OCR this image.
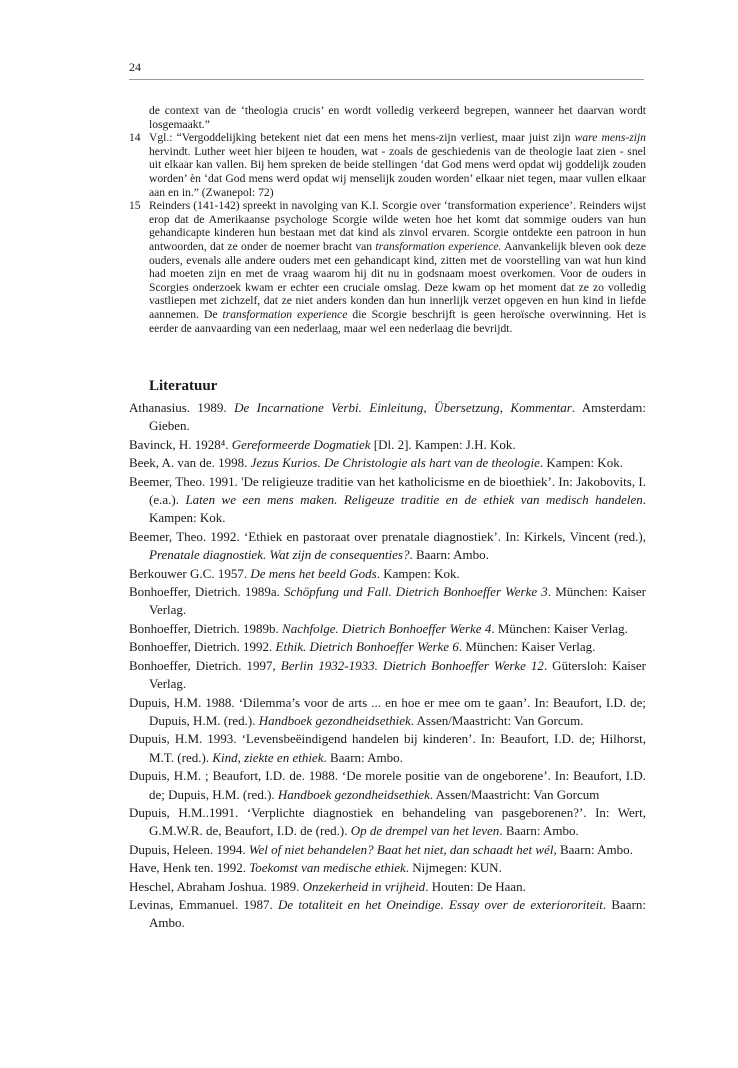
24
de context van de ‘theologia crucis’ en wordt volledig verkeerd begrepen, wanneer het daarvan wordt losgemaakt.”
14 Vgl.: “Vergoddelijking betekent niet dat een mens het mens-zijn verliest, maar juist zijn ware mens-zijn hervindt. Luther weet hier bijeen te houden, wat - zoals de geschiedenis van de theologie laat zien - snel uit elkaar kan vallen. Bij hem spreken de beide stellingen ‘dat God mens werd opdat wij goddelijk zouden worden’ èn ‘dat God mens werd opdat wij menselijk zouden worden’ elkaar niet tegen, maar vullen elkaar aan en in.” (Zwanepol: 72)
15 Reinders (141-142) spreekt in navolging van K.I. Scorgie over ‘transformation experience’. Reinders wijst erop dat de Amerikaanse psychologe Scorgie wilde weten hoe het komt dat sommige ouders van hun gehandicapte kinderen hun bestaan met dat kind als zinvol ervaren. Scorgie ontdekte een patroon in hun antwoorden, dat ze onder de noemer bracht van transformation experience. Aanvankelijk bleven ook deze ouders, evenals alle andere ouders met een gehandicapt kind, zitten met de voorstelling van wat hun kind had moeten zijn en met de vraag waarom hij dit nu in godsnaam moest overkomen. Voor de ouders in Scorgies onderzoek kwam er echter een cruciale omslag. Deze kwam op het moment dat ze zo volledig vastliepen met zichzelf, dat ze niet anders konden dan hun innerlijk verzet opgeven en hun kind in liefde aannemen. De transformation experience die Scorgie beschrijft is geen heroïsche overwinning. Het is eerder de aanvaarding van een nederlaag, maar wel een nederlaag die bevrijdt.
Literatuur
Athanasius. 1989. De Incarnatione Verbi. Einleitung, Übersetzung, Kommentar. Amsterdam: Gieben.
Bavinck, H. 1928⁴. Gereformeerde Dogmatiek [Dl. 2]. Kampen: J.H. Kok.
Beek, A. van de. 1998. Jezus Kurios. De Christologie als hart van de theologie. Kampen: Kok.
Beemer, Theo. 1991. 'De religieuze traditie van het katholicisme en de bioethiek’. In: Jakobovits, I. (e.a.). Laten we een mens maken. Religeuze traditie en de ethiek van medisch handelen. Kampen: Kok.
Beemer, Theo. 1992. ‘Ethiek en pastoraat over prenatale diagnostiek’. In: Kirkels, Vincent (red.), Prenatale diagnostiek. Wat zijn de consequenties?. Baarn: Ambo.
Berkouwer G.C. 1957. De mens het beeld Gods. Kampen: Kok.
Bonhoeffer, Dietrich. 1989a. Schöpfung und Fall. Dietrich Bonhoeffer Werke 3. München: Kaiser Verlag.
Bonhoeffer, Dietrich. 1989b. Nachfolge. Dietrich Bonhoeffer Werke 4. München: Kaiser Verlag.
Bonhoeffer, Dietrich. 1992. Ethik. Dietrich Bonhoeffer Werke 6. München: Kaiser Verlag.
Bonhoeffer, Dietrich. 1997, Berlin 1932-1933. Dietrich Bonhoeffer Werke 12. Gütersloh: Kaiser Verlag.
Dupuis, H.M. 1988. ‘Dilemma’s voor de arts ... en hoe er mee om te gaan’. In: Beaufort, I.D. de; Dupuis, H.M. (red.). Handboek gezondheidsethiek. Assen/Maastricht: Van Gorcum.
Dupuis, H.M. 1993. ‘Levensbeëindigend handelen bij kinderen’. In: Beaufort, I.D. de; Hilhorst, M.T. (red.). Kind, ziekte en ethiek. Baarn: Ambo.
Dupuis, H.M. ; Beaufort, I.D. de. 1988. ‘De morele positie van de ongeborene’. In: Beaufort, I.D. de; Dupuis, H.M. (red.). Handboek gezondheidsethiek. Assen/Maastricht: Van Gorcum
Dupuis, H.M..1991. ‘Verplichte diagnostiek en behandeling van pasgeborenen?’. In: Wert, G.M.W.R. de, Beaufort, I.D. de (red.). Op de drempel van het leven. Baarn: Ambo.
Dupuis, Heleen. 1994. Wel of niet behandelen? Baat het niet, dan schaadt het wél, Baarn: Ambo.
Have, Henk ten. 1992. Toekomst van medische ethiek. Nijmegen: KUN.
Heschel, Abraham Joshua. 1989. Onzekerheid in vrijheid. Houten: De Haan.
Levinas, Emmanuel. 1987. De totaliteit en het Oneindige. Essay over de exteriororiteit. Baarn: Ambo.
